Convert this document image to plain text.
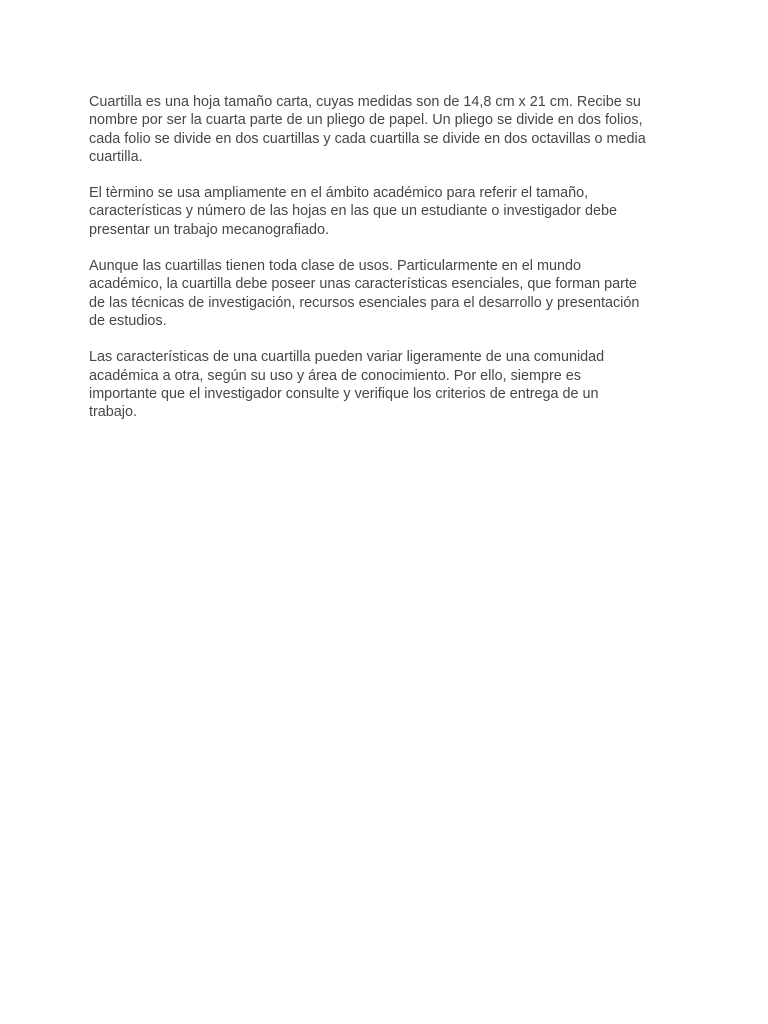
Cuartilla es una hoja tamaño carta, cuyas medidas son de 14,8 cm x 21 cm. Recibe su
nombre por ser la cuarta parte de un pliego de papel. Un pliego se divide en dos folios,
cada folio se divide en dos cuartillas y cada cuartilla se divide en dos octavillas o media
cuartilla.

El tèrmino se usa ampliamente en el ámbito académico para referir el tamaño,
características y número de las hojas en las que un estudiante o investigador debe
presentar un trabajo mecanografiado.

Aunque las cuartillas tienen toda clase de usos. Particularmente en el mundo
académico, la cuartilla debe poseer unas características esenciales, que forman parte
de las técnicas de investigación, recursos esenciales para el desarrollo y presentación
de estudios.

Las características de una cuartilla pueden variar ligeramente de una comunidad
académica a otra, según su uso y área de conocimiento. Por ello, siempre es
importante que el investigador consulte y verifique los criterios de entrega de un
trabajo.
